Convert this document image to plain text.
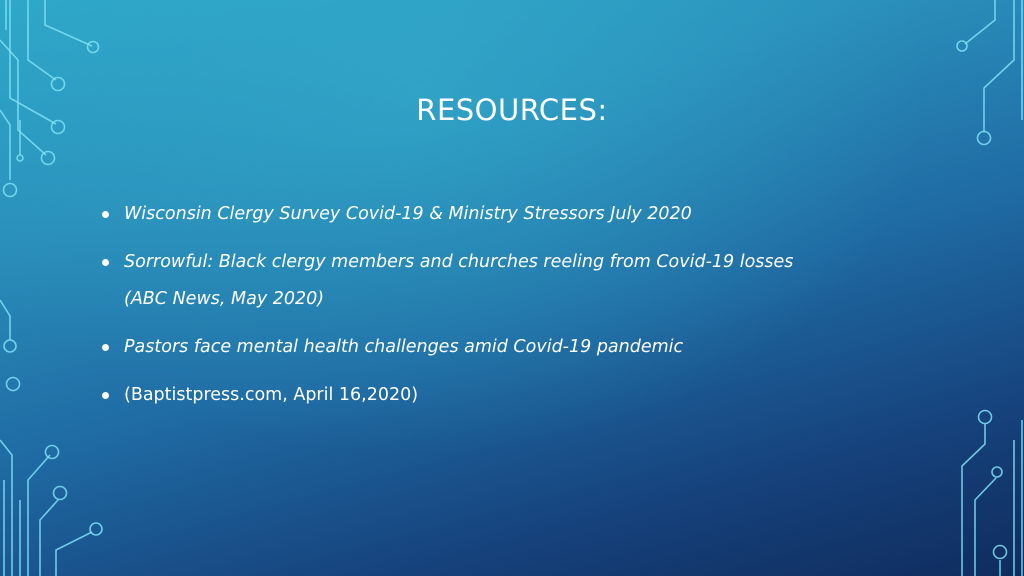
RESOURCES:
Wisconsin Clergy Survey Covid-19 & Ministry Stressors July 2020
Sorrowful: Black clergy members and churches reeling from Covid-19 losses
(ABC News, May 2020)
Pastors face mental health challenges amid Covid-19 pandemic
(Baptistpress.com, April 16,2020)
